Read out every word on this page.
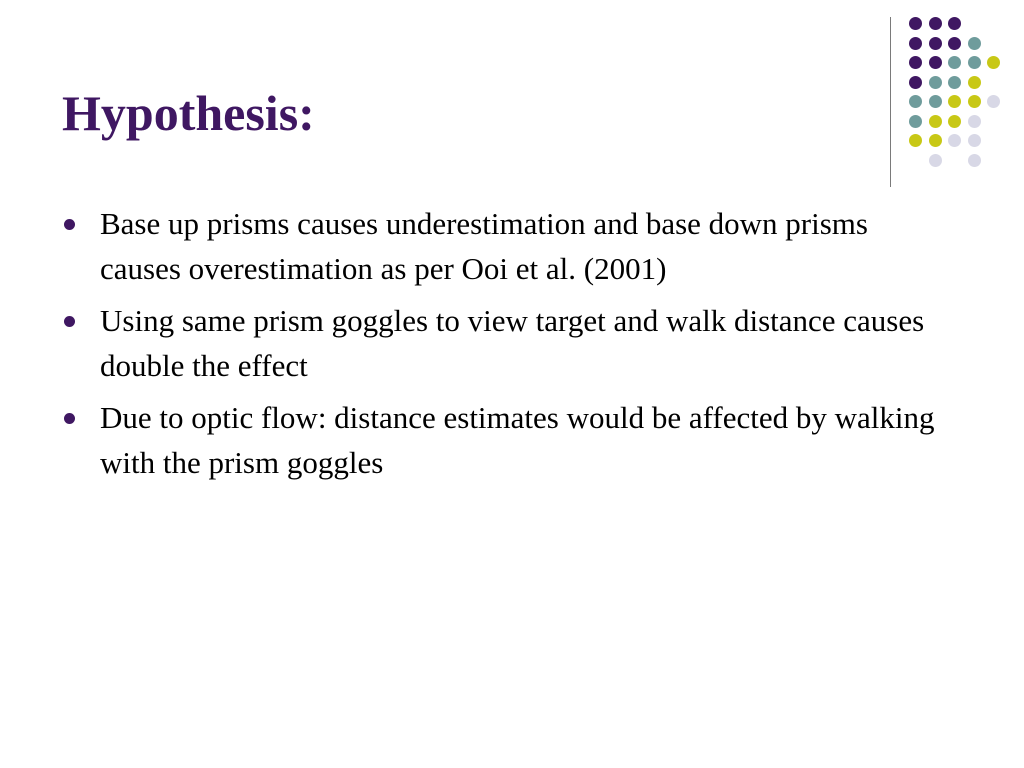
Hypothesis:
Base up prisms causes underestimation and base down prisms causes overestimation as per Ooi et al. (2001)
Using same prism goggles to view target and walk distance causes double the effect
Due to optic flow: distance estimates would be affected by walking with the prism goggles
